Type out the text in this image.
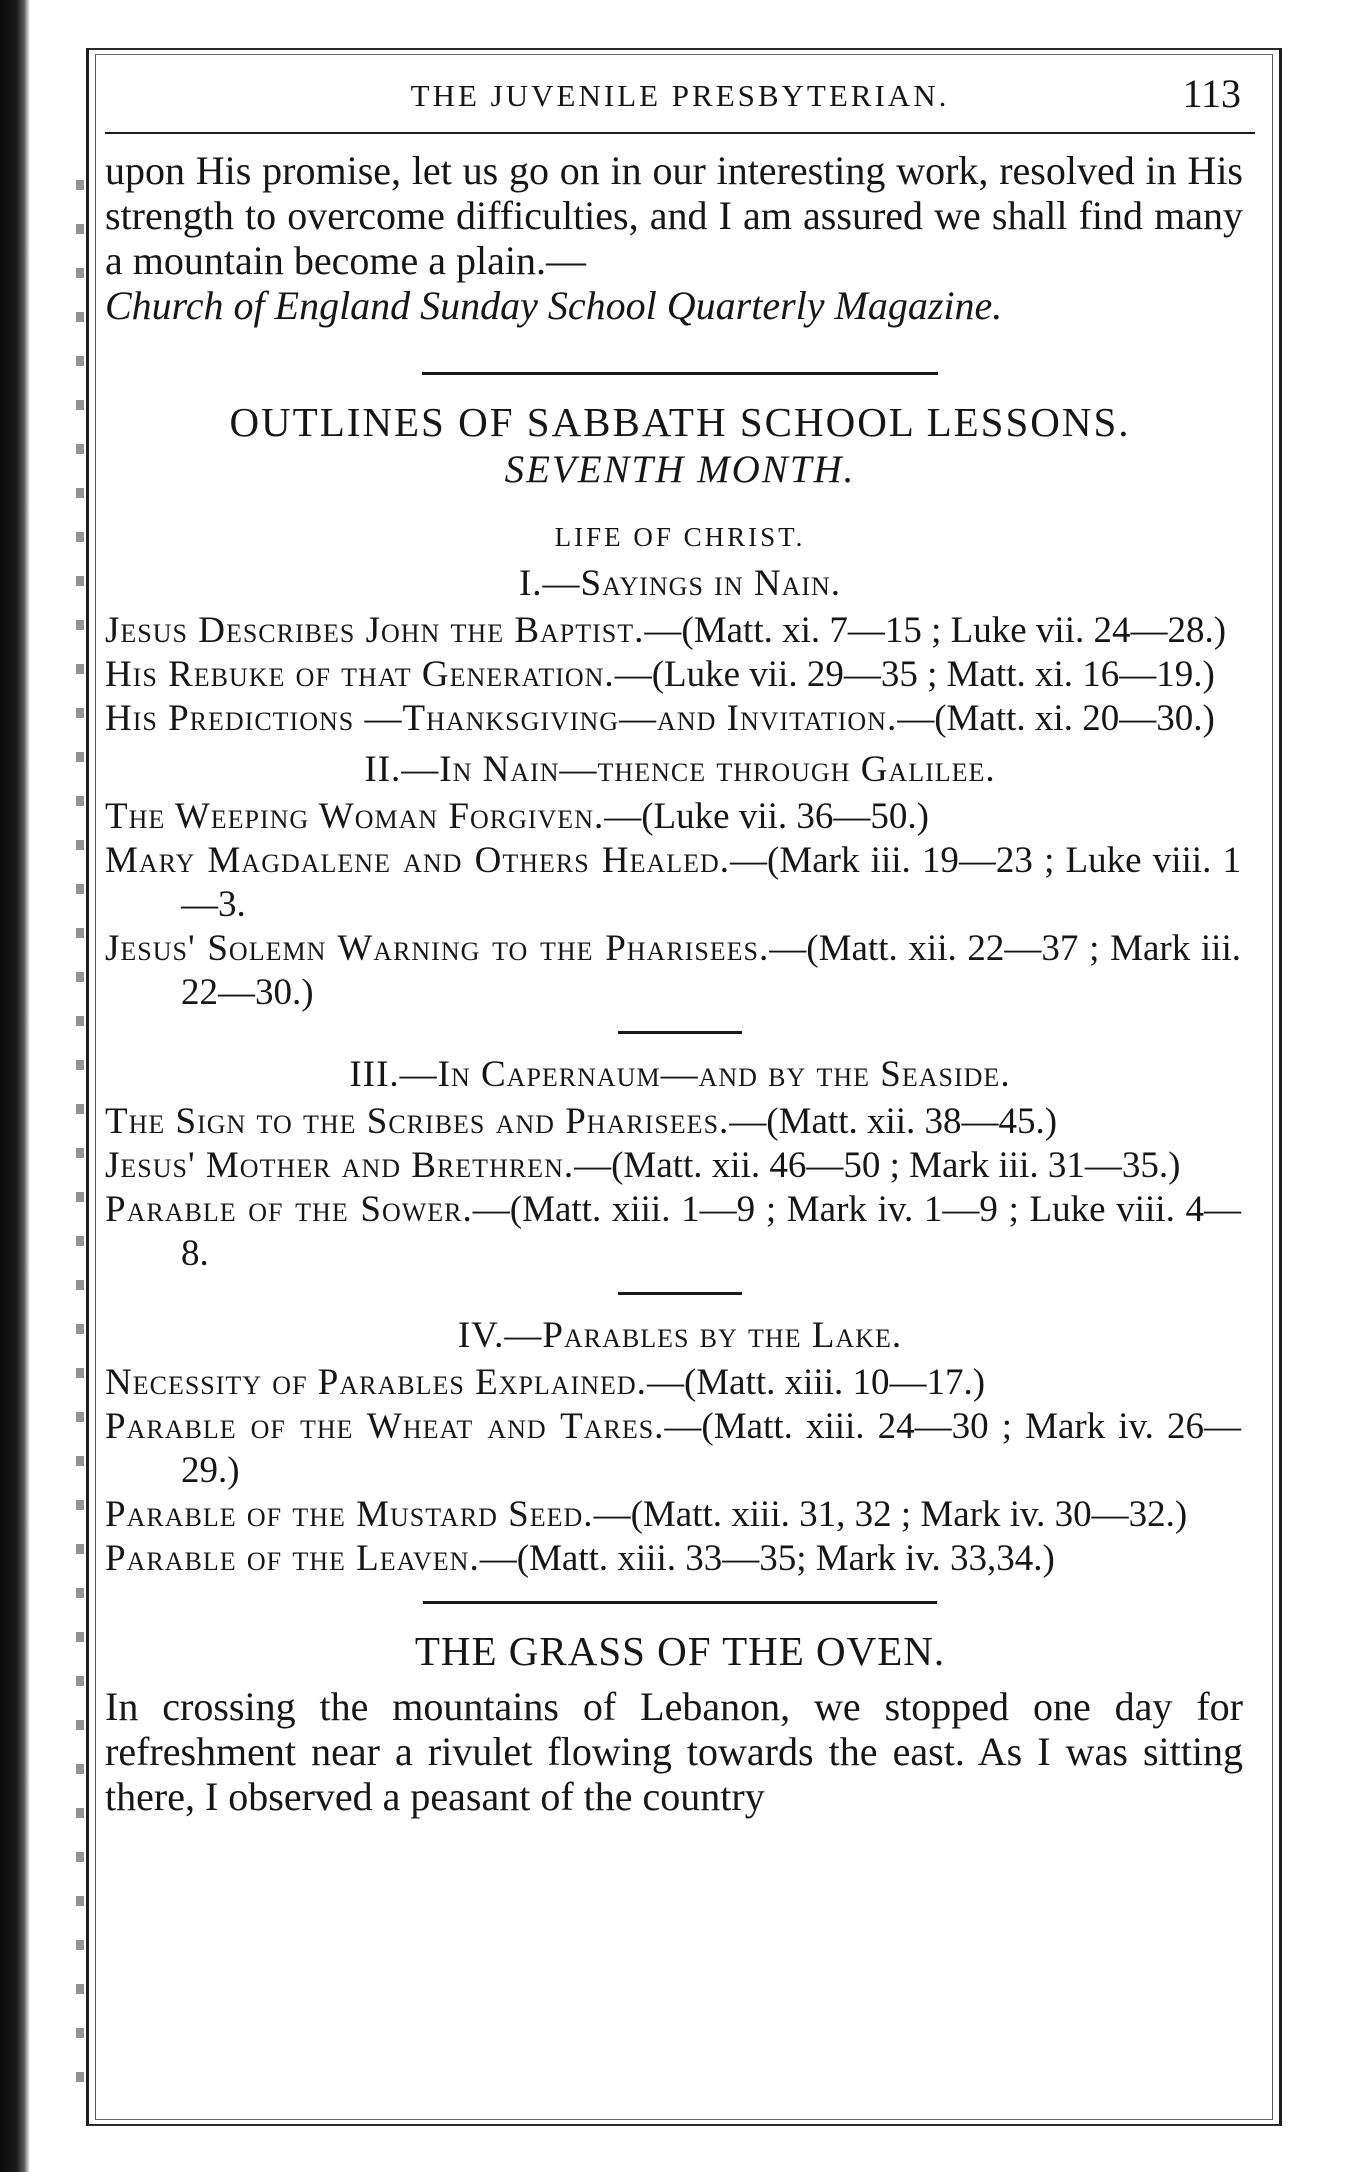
THE JUVENILE PRESBYTERIAN.	113

upon His promise, let us go on in our interesting work, resolved in His strength to overcome difficulties, and I am assured we shall find many a mountain become a plain.—
Church of England Sunday School Quarterly Magazine.

OUTLINES OF SABBATH SCHOOL LESSONS.
SEVENTH MONTH.
LIFE OF CHRIST.
I.—Sayings in Nain.

Jesus Describes John the Baptist.—(Matt. xi. 7—15 ; Luke vii. 24—28.)

His Rebuke of that Generation.—(Luke vii. 29—35 ; Matt. xi. 16—19.)

His Predictions —Thanksgiving—and Invitation.—(Matt. xi. 20—30.)

II.—In Nain—thence through Galilee.

The Weeping Woman Forgiven.—(Luke vii. 36—50.)

Mary Magdalene and Others Healed.—(Mark iii. 19—23 ; Luke viii. 1—3.

Jesus' Solemn Warning to the Pharisees.—(Matt. xii. 22—37 ; Mark iii. 22—30.)

III.—In Capernaum—and by the Seaside.

The Sign to the Scribes and Pharisees.—(Matt. xii. 38—45.)

Jesus' Mother and Brethren.—(Matt. xii. 46—50 ; Mark iii. 31—35.)

Parable of the Sower.—(Matt. xiii. 1—9 ; Mark iv. 1—9 ; Luke viii. 4—8.

IV.—Parables by the Lake.

Necessity of Parables Explained.—(Matt. xiii. 10—17.)

Parable of the Wheat and Tares.—(Matt. xiii. 24—30 ; Mark iv. 26—29.)

Parable of the Mustard Seed.—(Matt. xiii. 31, 32 ; Mark iv. 30—32.)

Parable of the Leaven.—(Matt. xiii. 33—35; Mark iv. 33,34.)

THE GRASS OF THE OVEN.

In crossing the mountains of Lebanon, we stopped one day for refreshment near a rivulet flowing towards the east. As I was sitting there, I observed a peasant of the country
